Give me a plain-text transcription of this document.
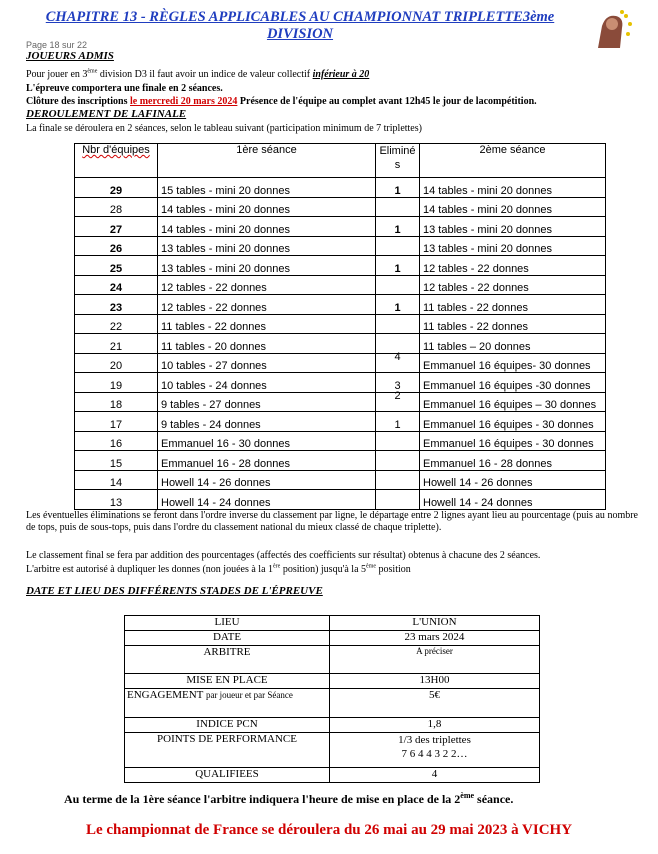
CHAPITRE 13 - RÈGLES APPLICABLES AU CHAMPIONNAT TRIPLETTE3ème
DIVISION
Page 18 sur 22
JOUEURS ADMIS
Pour jouer en 3ème division D3 il faut avoir un indice de valeur collectif inférieur à 20
L'épreuve comportera une finale en 2 séances.
Clôture des inscriptions le mercredi 20 mars 2024 Présence de l'équipe au complet avant 12h45 le jour de lacompétition.
DEROULEMENT DE LAFINALE
La finale se déroulera en 2 séances, selon le tableau suivant (participation minimum de 7 triplettes)
Nbr d'équipes	1ère séance	Eliminé s	2ème séance
29	15 tables - mini 20 donnes	1	14 tables - mini 20 donnes
28	14 tables - mini 20 donnes		14 tables - mini 20 donnes
27	14 tables - mini 20 donnes	1	13 tables - mini 20 donnes
26	13 tables - mini 20 donnes		13 tables - mini 20 donnes
25	13 tables - mini 20 donnes	1	12 tables - 22 donnes
24	12 tables - 22 donnes		12 tables - 22 donnes
23	12 tables - 22 donnes	1	11 tables - 22 donnes
22	11 tables - 22 donnes		11 tables - 22 donnes
21	11 tables - 20 donnes		11 tables – 20 donnes
20	10 tables - 27 donnes	4	Emmanuel 16 équipes- 30 donnes
19	10 tables - 24 donnes	3	Emmanuel 16 équipes -30 donnes
18	9 tables - 27 donnes	2	Emmanuel 16 équipes – 30 donnes
17	9 tables - 24 donnes	1	Emmanuel 16 équipes - 30 donnes
16	Emmanuel 16 - 30 donnes		Emmanuel 16 équipes - 30 donnes
15	Emmanuel 16 - 28 donnes		Emmanuel 16 - 28 donnes
14	Howell 14 - 26 donnes		Howell 14 - 26 donnes
13	Howell 14 - 24 donnes		Howell 14 - 24 donnes
Les éventuelles éliminations se feront dans l'ordre inverse du classement par ligne, le départage entre 2 lignes ayant lieu au pourcentage (puis au nombre de tops, puis de sous-tops, puis dans l'ordre du classement national du mieux classé de chaque triplette).
Le classement final se fera par addition des pourcentages (affectés des coefficients sur résultat) obtenus à chacune des 2 séances.
L'arbitre est autorisé à dupliquer les donnes (non jouées à la 1ère position) jusqu'à la 5ème position
DATE ET LIEU DES DIFFÉRENTS STADES DE L'ÉPREUVE
LIEU	L'UNION
DATE	23 mars 2024
ARBITRE	A préciser
MISE EN PLACE	13H00
ENGAGEMENT par joueur et par Séance	5€
INDICE PCN	1,8
POINTS DE PERFORMANCE	1/3 des triplettes
7 6 4 4 3 2 2…
QUALIFIEES	4
Au terme de la 1ère séance l'arbitre indiquera l'heure de mise en place de la 2ème séance.
Le championnat de France se déroulera du 26 mai au 29 mai 2023 à VICHY
